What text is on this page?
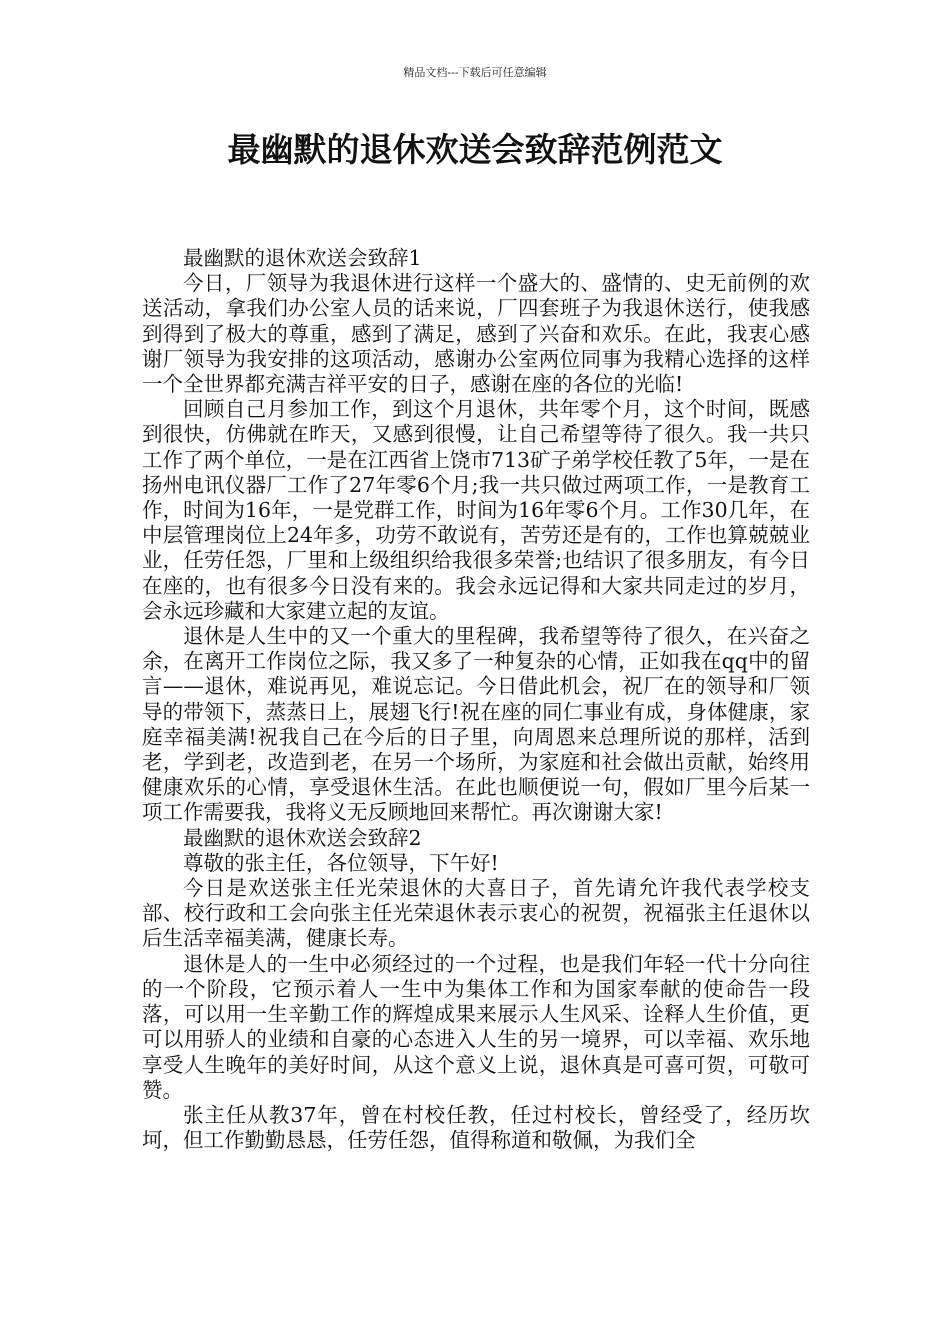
精品文档---下载后可任意编辑
最幽默的退休欢送会致辞范例范文

最幽默的退休欢送会致辞1

今日，厂领导为我退休进行这样一个盛大的、盛情的、史无前例的欢送活动，拿我们办公室人员的话来说，厂四套班子为我退休送行，使我感到得到了极大的尊重，感到了满足，感到了兴奋和欢乐。在此，我衷心感谢厂领导为我安排的这项活动，感谢办公室两位同事为我精心选择的这样一个全世界都充满吉祥平安的日子，感谢在座的各位的光临!

回顾自己月参加工作，到这个月退休，共年零个月，这个时间，既感到很快，仿佛就在昨天，又感到很慢，让自己希望等待了很久。我一共只工作了两个单位，一是在江西省上饶市713矿子弟学校任教了5年，一是在扬州电讯仪器厂工作了27年零6个月;我一共只做过两项工作，一是教育工作，时间为16年，一是党群工作，时间为16年零6个月。工作30几年，在中层管理岗位上24年多，功劳不敢说有，苦劳还是有的，工作也算兢兢业业，任劳任怨，厂里和上级组织给我很多荣誉;也结识了很多朋友，有今日在座的，也有很多今日没有来的。我会永远记得和大家共同走过的岁月，会永远珍藏和大家建立起的友谊。

退休是人生中的又一个重大的里程碑，我希望等待了很久，在兴奋之余，在离开工作岗位之际，我又多了一种复杂的心情，正如我在qq中的留言——退休，难说再见，难说忘记。今日借此机会，祝厂在的领导和厂领导的带领下，蒸蒸日上，展翅飞行!祝在座的同仁事业有成，身体健康，家庭幸福美满!祝我自己在今后的日子里，向周恩来总理所说的那样，活到老，学到老，改造到老，在另一个场所，为家庭和社会做出贡献，始终用健康欢乐的心情，享受退休生活。在此也顺便说一句，假如厂里今后某一项工作需要我，我将义无反顾地回来帮忙。再次谢谢大家!

最幽默的退休欢送会致辞2

尊敬的张主任，各位领导，下午好!

今日是欢送张主任光荣退休的大喜日子，首先请允许我代表学校支部、校行政和工会向张主任光荣退休表示衷心的祝贺，祝福张主任退休以后生活幸福美满，健康长寿。

退休是人的一生中必须经过的一个过程，也是我们年轻一代十分向往的一个阶段，它预示着人一生中为集体工作和为国家奉献的使命告一段落，可以用一生辛勤工作的辉煌成果来展示人生风采、诠释人生价值，更可以用骄人的业绩和自豪的心态进入人生的另一境界，可以幸福、欢乐地享受人生晚年的美好时间，从这个意义上说，退休真是可喜可贺，可敬可赞。

张主任从教37年，曾在村校任教，任过村校长，曾经受了，经历坎坷，但工作勤勤恳恳，任劳任怨，值得称道和敬佩，为我们全
